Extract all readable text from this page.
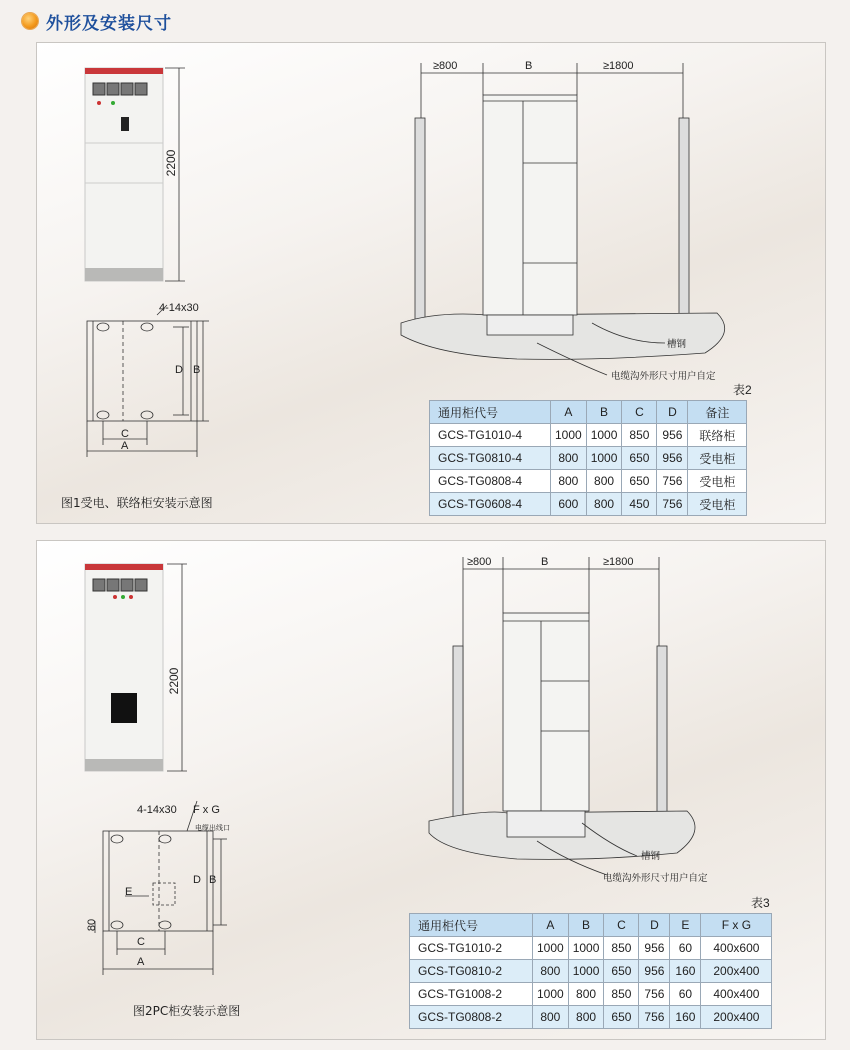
外形及安装尺寸
2200
4-14x30
D B
C
A
≥800	B	≥1800
槽钢
电缆沟外形尺寸用户自定
表2
通用柜代号	A	B	C	D	备注
GCS-TG1010-4	1000	1000	850	956	联络柜
GCS-TG0810-4	800	1000	650	956	受电柜
GCS-TG0808-4	800	800	650	756	受电柜
GCS-TG0608-4	600	800	450	756	受电柜
图1受电、联络柜安装示意图
2200
4-14x30 F x G
电缆出线口
D B
E
80
C
A
≥800	B	≥1800
槽钢
电缆沟外形尺寸用户自定
表3
通用柜代号	A	B	C	D	E	F x G
GCS-TG1010-2	1000	1000	850	956	60	400x600
GCS-TG0810-2	800	1000	650	956	160	200x400
GCS-TG1008-2	1000	800	850	756	60	400x400
GCS-TG0808-2	800	800	650	756	160	200x400
图2PC柜安装示意图
